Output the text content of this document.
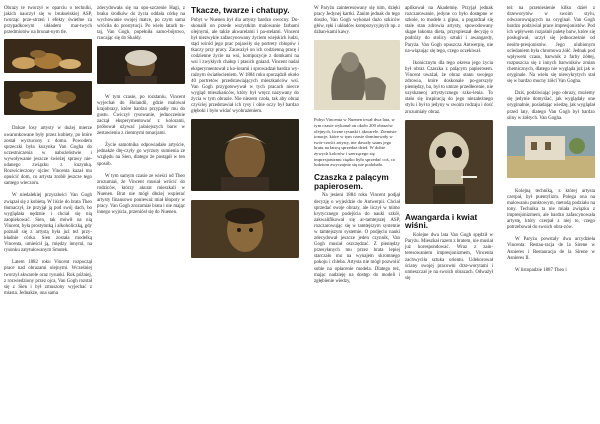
Obrazy te tworzył w oparciu o techniki, jakich nauczył się w brukselskiej ASP, tworząc prze-strzeń i efekty świetlne za przypadkowym układem mar-twych przedmiotów na brunat-nym tle.

Dalsze losy artysty w dużej mierze uwarunkowane były przez kobiety, po które został wyrzucony z domu. Powodem sprzeczki była kuzynka Van Gogha do uczestniczenia w nabożeństwie i wywoływanie jeszcze świeżej sprawy nie-udanego związku z kuzynką. Rozwścieczony ojciec Vincenta kazał mu opuścić dom, co artysta zrobił jeszcze tego samego wieczoru.

W niedalekiej przyszłości Van Gogh związał się z kobietą. W liście do brata Theo tłumaczył, że przyjął ją pod swój dach, bo wyglądała nędznie i chciał się nią zaopiekować. Sien, tak mówił na nią Vincent, była prostytutką i alkoholiczką, gdy poznali się z artystą była już też przy-kładnie córka. Sien została modelką Vincenta, umieścił ją, między innymi, na rysunku zatytułowanym Smutek.

Latem 1882 roku Vincent rozpoczął prace nad obrazami olejnymi. Wcześniej tworzył akwarele oraz rysunki. Rok później, z rozwiedziony przez ojca, Van Gogh rozstał się z Sien i był zmuszony wyjechać z miasta. Jednakże, ona sama

zdecydowała się na opu-szczenie Hagi, z braku środków do życia oddała córkę na wychowanie swojej matce, po czym sama wróciła do prostytucji. Po wielu latach tu-taj, Van Gogh, popełniła samo-bójstwo, rzucając się do Skaldy.

W tym czasie, po rozstaniu, Vincent wyjechał do Holandii, gdzie malował krajobrazy, które bardzo przypadły mu do gustu. Ćwiczył rysowanie, jednocześnie zaczął eksperymentować z kolorami, próbował używać jaśniejszych barw w zestawieniu z ciemnymi tonacjami.

Życie samotnika odpowiadało artyście, jednakże drę-czyły go wyrzuty sumienia ze względu na Sien, dlatego że postąpił w ten sposób.

W tym samym czasie ze wieści od Theo zrozumiał, że Vincent musiał wrócić do rodziców, którzy akurat mieszkali w Nuenen. Brat nie mógł dłużej wspierać artysty finansowo ponieważ miał kłopoty w pracy. Van Gogh zrozumiał brata i nie mając innego wyjścia, przeniósł się do Nuenen.

Tkacze, twarze i chatupy.

Pobyt w Nuenen był dla artysty bardzo owocny. Do-skonalił on przede wszystkim malowanie farbami olejnymi, ale także akwarelami i pa-stelami. Vincent był niezwykle zafascynowany życiem wiejskich ludzi, stąd wśród jego prac pojawiły się portrety chłopów i tkaczy przy pracy. Zauważył on ich codzienną pracę i codzienne życie na wsi, kompozycje z domkami na wsi i zwykłych chałup i ptasich gniazd. Vincent nadal eksperymentował z ko-lorami i sprowadzał bardzo wy-raźnym światłocieniem. W 1884 roku sporządził około 40 portretów przedstawiających mieszkańców wsi. Van Gogh przygotowywał w tych pracach niecce wygląd mieszkańców, który był wręcz nazywany do życia w tym obrazie. Nie niezem czoła, tak aby obraz czyściej przedstawiał ich rysy i obie oczy był bardzo głęboki i było widać wyobrażeniem.

W Paryżu zainteresowany się nim, dzięki pracy Jedynej kartki. Zanim jednak do tego doszło, Van Gogh wykonał dużo szkiców głów, ręki i układów kompozycyjnych np. z dzban-kami kawy.

Pobyt Vincenta w Nuenen trwał dwa lata, w tym czasie wykonał on około 200 obrazów olejnych, liczne rysunki i akwarele. Ziemiste tonacje, które w tym czasie dominowały w twór-czości artysty, nie dawały szans jego bratu na łatwą sprzedaż dzieł. W dobie żywych kolorów i szerzącego się impresjonizmu ciężko było sprzedać coś, co ludziom zwyczajnie się nie podobało.

Czaszka z palącym papierosem.

Na jesieni 1884 roku Vincent podjął decyzję o wyjeździe do Antwerpii. Chciał sprzedać swoje obrazy, ale liczył w mimo krytycznego podejścia do nauki szkół, zakwalifikował się ar-tamtejszej ASP, rozczarowując się w tamtejszym systemie w tamtejszym systemie. O podjęciu nauki zdecydował jeszcze jeden czynnik, Van Gogh musiał oszczędzać. Z pieniędzy przesyłanych mu przez brata lepiej starczało mu na wynajem skromnego pokoju i chleba. Artysta nie mógł pozwolić sobie na opłacenie modela. Dlatego też, mając nadzieję na dostęp do modeli i zgłębienie wiedzy,

aplikował na Akademię. Przyjął jednak rozczarowanie, jedyne co było dostępne w szkole, to modele z gipsu, a pogardzał się stale stan zdrowia artysty, spowodowany skąpe łakoma dieta, przyspieszał decyzję o podróży do stolicy sztuki i awangardy, Paryża. Van Gogh opuszcza Antwerpię, nie na-wiązując się tego, czego oczekiwał.

Ikonicznym dla tego okresu jego życia był obraz Czaszka z palącym papierosem. Vincent uważał, że obraz stanu swojego zdrowia, które doskonale po-gorszyły pieniędzy, ba, był to umrze przedłecenie, nie uzyskaneoj artystycznego szko-lenia. To stało się inspiracją do jego niezależnego stylu i był to jedyny w swoim rodzaju i dość zrozumiały obraz.

Awangarda i kwiat wiśni.

Kolejne dwa lata Van Gogh spędził w Paryżu. Mieszkał razem z bratem, nie musiał już korespondować. Wraz z zain-teresowaniem impresjonizmem, Vincenta zachwyciła sztuka orientu. Udekorował ściany swojej pracowni drze-worytami i umieszczał je na swoich obrazach. Odważył się

też na przeniesienie kilku dzieł z drzeworytów w swoim stylu, odwzorowujących na oryginał. Van Gogh bardzo podziwiał prace impresjonistów. Pod ich wpływem rozjaśnił paletę barw, które się posługiwał, uczył się jednocześnie od neoim-presjonistów. Jego ulubionym ociedaniem była chromowa żółć. Jednak pod wpływem czasu, barwnik z farby żółtej, rozpuszcza się z innych barwników zmian chemicznych, dlatego nie wygląda już jak w oryginale. Na wielu się niewykrytych stał się w bardzo mocny żółci Van Gogha.

Dziś, podziwiając jego obrazy, możemy się jedynie domyślać, jak wyglądały one oryginalnie, posiadając wiedzę, jak wyglądał przed laty, dlatego Van Gogh był bardzo silny w żółtych. Van Gogha.

Kolejną techniką, z której artysta czerpał, był puentylizm. Polega ona na malowaniu punktowym, metodą podziału na tony. Technika ta nie miała związku z impresjonizmem, ale bardzo zafascynowała artystę, który czerpał z niej to, czego potrzebował do swoich obra-zów.

W Paryżu powstały dwa arcydzieła Vincenta: Restau-racja de la Sirene w Asnieres i Restauracja de la Sirene w Asnieres II.

W listopadzie 1887 Theo i
